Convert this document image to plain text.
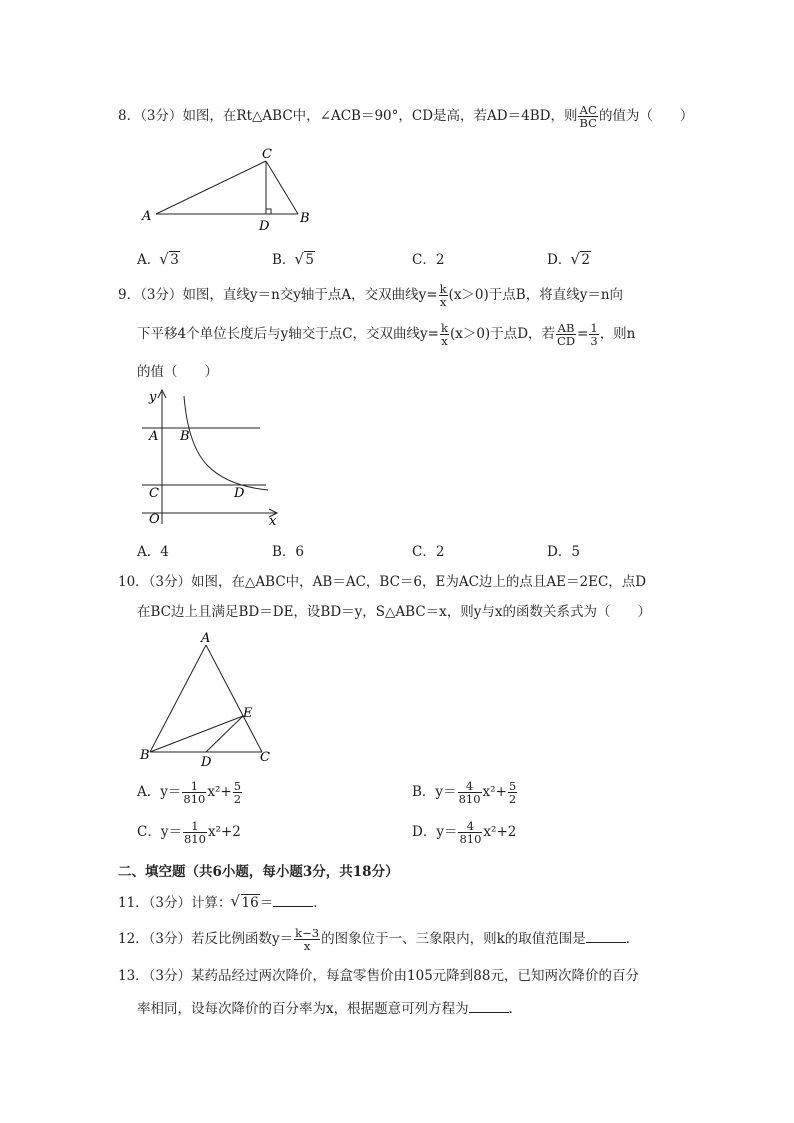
8．（3分）如图，在Rt△ABC中，∠ACB＝90°，CD是高，若AD＝4BD，则 $\frac{AC}{BC}$ 的值为（　　）
A	B
C
D
A． √ 3	B． √ 5	C．2	D． √ 2
9．（3分）如图，直线y＝n交y轴于点A，交双曲线$y= \frac{k}{x} (x>0)$于点B，将直线y＝n向
下平移4个单位长度后与y轴交于点C，交双曲线$y= \frac{k}{x} (x>0)$于点D，若 $\frac{AB}{CD} = \frac{1}{3}$ ，则n
的值（　　）
y
x
A B
C	D
O
A．4	B．6	C．2	D．5
10．（3分）如图，在△ABC中，AB＝AC，BC＝6，E为AC边上的点且AE＝2EC，点D
在BC边上且满足BD＝DE，设BD＝y，S△ABC＝x，则y与x的函数关系式为（　　）
A
B	C
D
E
A．$y= \frac{1}{810} x^2+ \frac{5}{2}$	B．$y= \frac{4}{810} x^2+ \frac{5}{2}$
C．$y= \frac{1}{810} x^2+2$	D．$y= \frac{4}{810} x^2+2$
二、填空题（共6小题，每小题3分，共18分）
11．（3分）计算： √ 16＝	．
12．（3分）若反比例函数$y= \frac{k-3}{x}$ 的图象位于一、三象限内，则k的取值范围是	．
13．（3分）某药品经过两次降价，每盒零售价由105元降到88元，已知两次降价的百分
率相同，设每次降价的百分率为x，根据题意可列方程为	．
